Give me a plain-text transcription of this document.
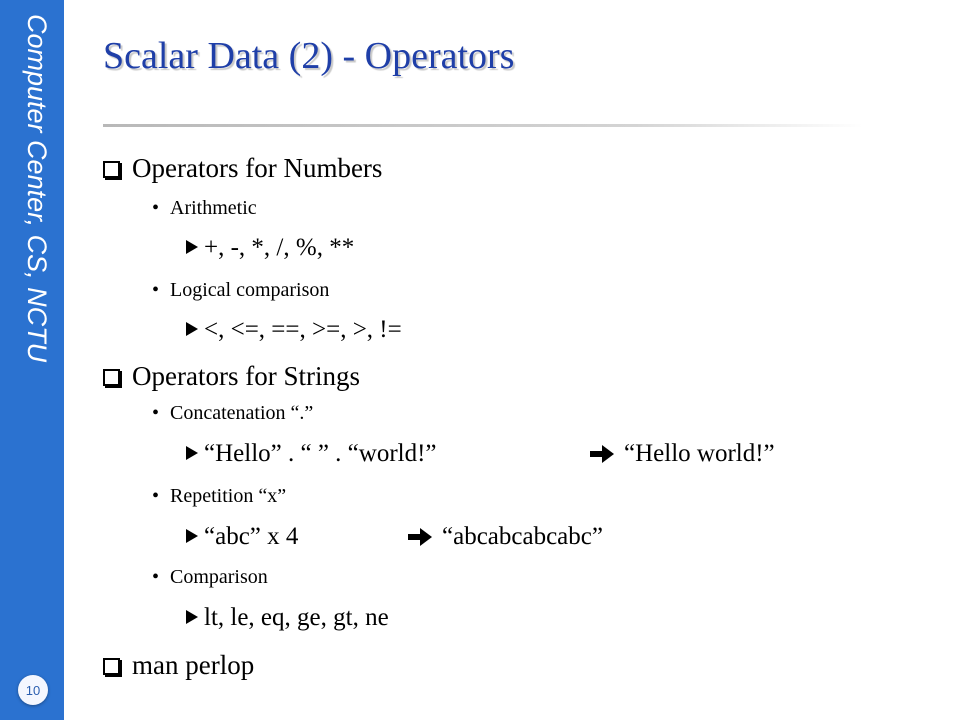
Computer Center, CS, NCTU
10
Scalar Data (2) - Operators
Operators for Numbers
• Arithmetic
+, -, *, /, %, **
• Logical comparison
<, <=, ==, >=, >, !=
Operators for Strings
• Concatenation “.”
“Hello” . “ ” . “world!”	“Hello world!”
• Repetition “x”
“abc” x 4	“abcabcabcabc”
• Comparison
lt, le, eq, ge, gt, ne
man perlop
